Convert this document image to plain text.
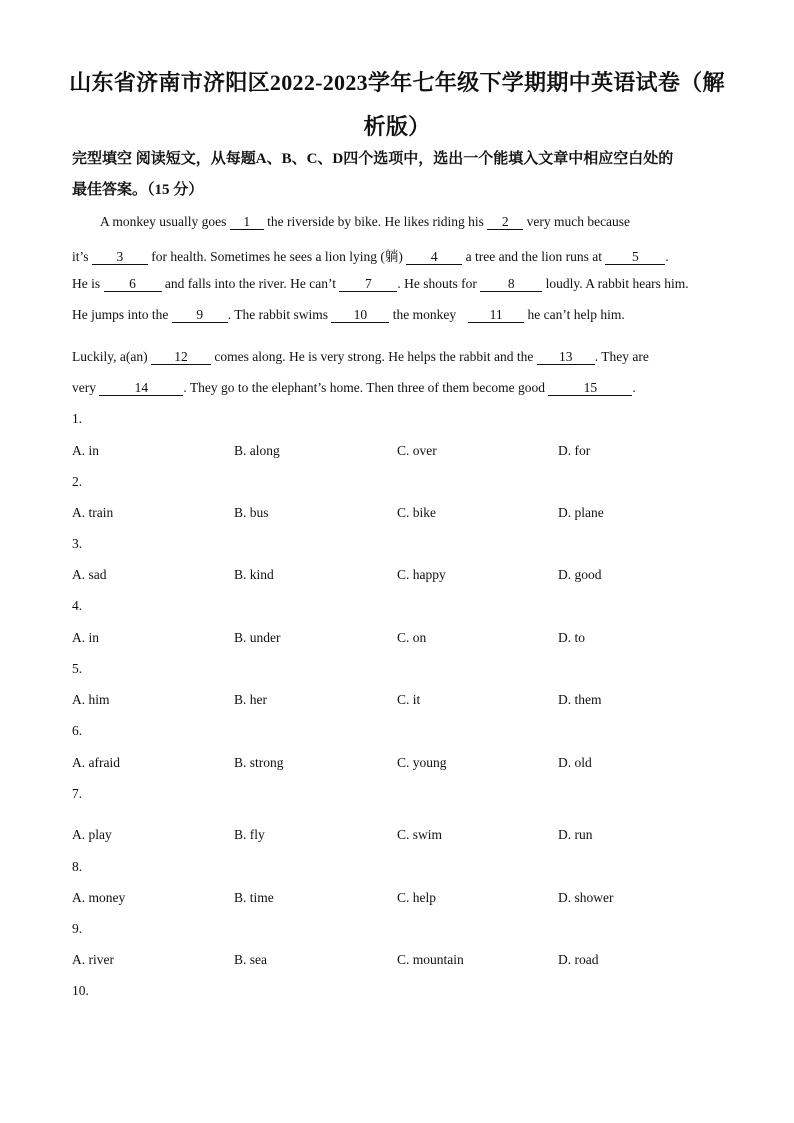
山东省济南市济阳区2022-2023学年七年级下学期期中英语试卷（解
析版）
完型填空 阅读短文，从每题A、B、C、D四个选项中，选出一个能填入文章中相应空白处的
最佳答案。（15 分）
A monkey usually goes 1 the riverside by bike. He likes riding his 2 very much because
it’s 3 for health. Sometimes he sees a lion lying (躺) 4 a tree and the lion runs at 5 .
He is 6 and falls into the river. He can’t 7 . He shouts for 8 loudly. A rabbit hears him.
He jumps into the 9 . The rabbit swims 10 the monkey 11 he can’t help him.
Luckily, a(an) 12 comes along. He is very strong. He helps the rabbit and the 13 . They are
very	14	. They go to the elephant’s home. Then three of them become good	15	.
1.
A. in	B. along	C. over	D. for
2.
A. train	B. bus	C. bike	D. plane
3.
A. sad	B. kind	C. happy	D. good
4.
A. in	B. under	C. on	D. to
5.
A. him	B. her	C. it	D. them
6.
A. afraid	B. strong	C. young	D. old
7.
A. play	B. fly	C. swim	D. run
8.
A. money	B. time	C. help	D. shower
9.
A. river	B. sea	C. mountain	D. road
10.
